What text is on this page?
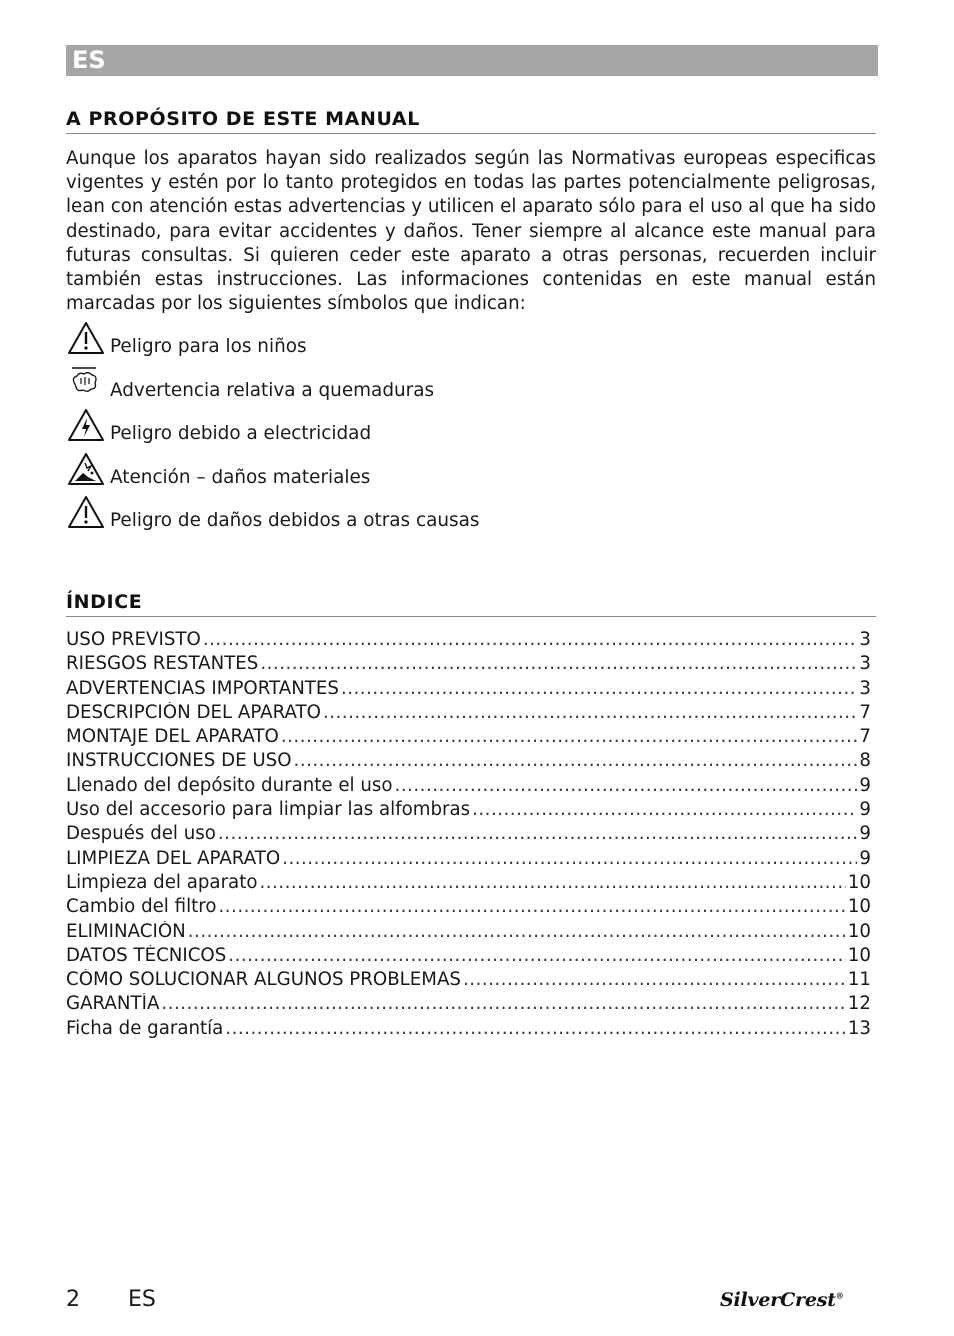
ES
A PROPÓSITO DE ESTE MANUAL

Aunque los aparatos hayan sido realizados según las Normativas europeas especificas vigentes y estén por lo tanto protegidos en todas las partes potencialmente peligrosas, lean con atención estas advertencias y utilicen el aparato sólo para el uso al que ha sido destinado, para evitar accidentes y daños. Tener siempre al alcance este manual para futuras consultas. Si quieren ceder este aparato a otras personas, recuerden incluir también estas instrucciones. Las informaciones contenidas en este manual están marcadas por los siguientes símbolos que indican:

Peligro para los niños
Advertencia relativa a quemaduras
Peligro debido a electricidad
Atención – daños materiales
Peligro de daños debidos a otras causas
ÍNDICE
USO PREVISTO .....	3
RIESGOS RESTANTES .....	3
ADVERTENCIAS IMPORTANTES .....	3
DESCRIPCIÓN DEL APARATO .....	7
MONTAJE DEL APARATO .....	7
INSTRUCCIONES DE USO .....	8
Llenado del depósito durante el uso .....	9
Uso del accesorio para limpiar las alfombras .....	9
Después del uso .....	9
LIMPIEZA DEL APARATO .....	9
Limpieza del aparato .....	10
Cambio del filtro .....	10
ELIMINACIÓN .....	10
DATOS TÉCNICOS .....	10
CÓMO SOLUCIONAR ALGUNOS PROBLEMAS .....	11
GARANTÍA .....	12
Ficha de garantía .....	13
2 ES	SilverCrest®
